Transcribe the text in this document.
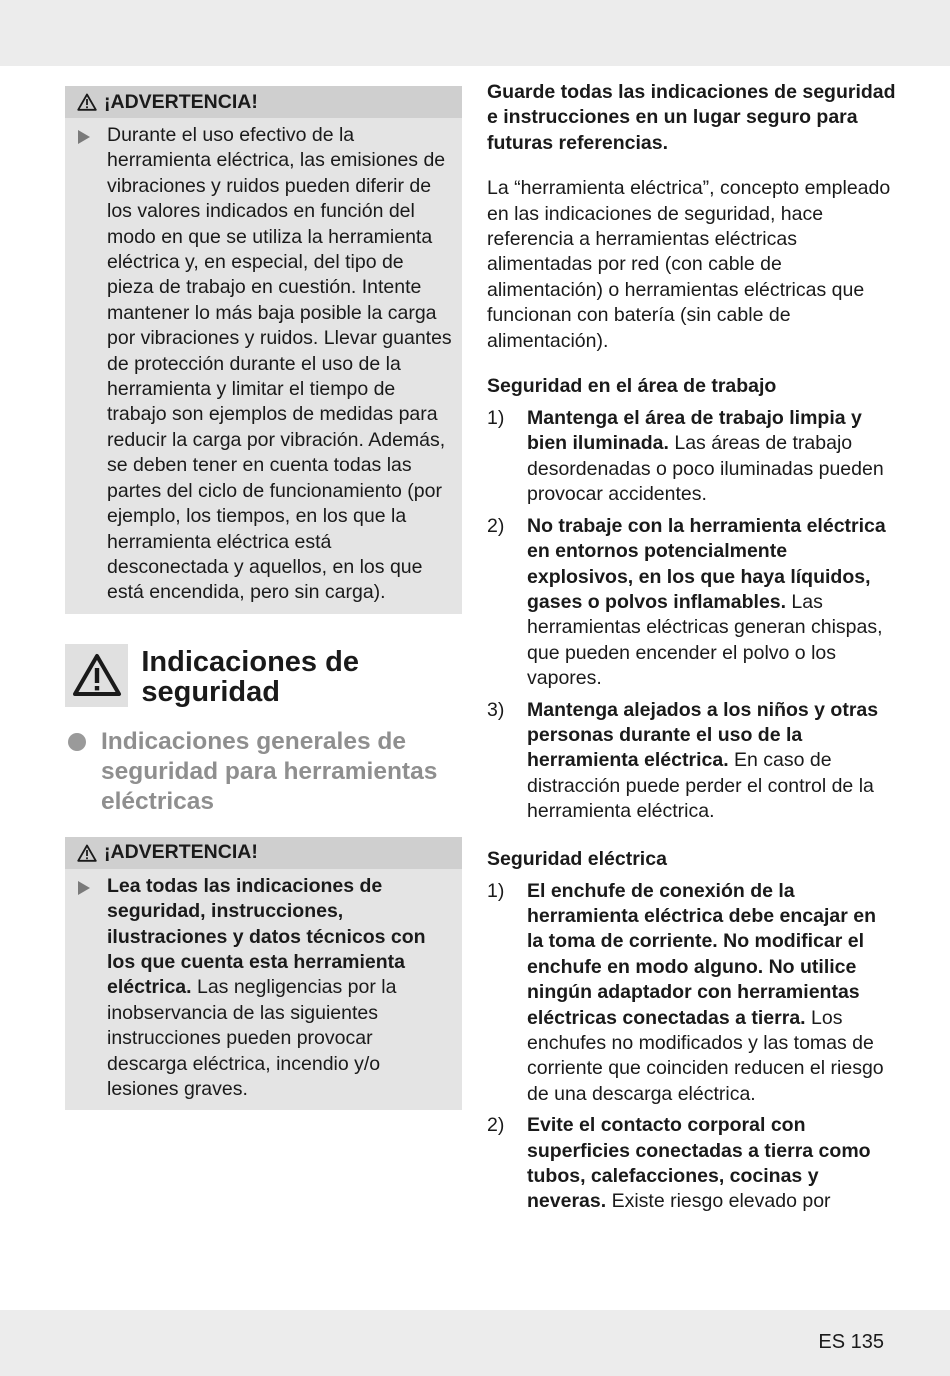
¡ADVERTENCIA!

Durante el uso efectivo de la herramienta eléctrica, las emisiones de vibraciones y ruidos pueden diferir de los valores indicados en función del modo en que se utiliza la herramienta eléctrica y, en especial, del tipo de pieza de trabajo en cuestión. Intente mantener lo más baja posible la carga por vibraciones y ruidos. Llevar guantes de protección durante el uso de la herramienta y limitar el tiempo de trabajo son ejemplos de medidas para reducir la carga por vibración. Además, se deben tener en cuenta todas las partes del ciclo de funcionamiento (por ejemplo, los tiempos, en los que la herramienta eléctrica está desconectada y aquellos, en los que está encendida, pero sin carga).

Indicaciones de seguridad
Indicaciones generales de seguridad para herramientas eléctricas
¡ADVERTENCIA!

Lea todas las indicaciones de seguridad, instrucciones, ilustraciones y datos técnicos con los que cuenta esta herramienta eléctrica. Las negligencias por la inobservancia de las siguientes instrucciones pueden provocar descarga eléctrica, incendio y/o lesiones graves.

Guarde todas las indicaciones de seguridad e instrucciones en un lugar seguro para futuras referencias.

La “herramienta eléctrica”, concepto empleado en las indicaciones de seguridad, hace referencia a herramientas eléctricas alimentadas por red (con cable de alimentación) o herramientas eléctricas que funcionan con batería (sin cable de alimentación).

Seguridad en el área de trabajo

1)	Mantenga el área de trabajo limpia y bien iluminada. Las áreas de trabajo desordenadas o poco iluminadas pueden provocar accidentes.

2)	No trabaje con la herramienta eléctrica en entornos potencialmente explosivos, en los que haya líquidos, gases o polvos inflamables. Las herramientas eléctricas generan chispas, que pueden encender el polvo o los vapores.

3)	Mantenga alejados a los niños y otras personas durante el uso de la herramienta eléctrica. En caso de distracción puede perder el control de la herramienta eléctrica.

Seguridad eléctrica

1)	El enchufe de conexión de la herramienta eléctrica debe encajar en la toma de corriente. No modificar el enchufe en modo alguno. No utilice ningún adaptador con herramientas eléctricas conectadas a tierra. Los enchufes no modificados y las tomas de corriente que coinciden reducen el riesgo de una descarga eléctrica.

2)	Evite el contacto corporal con superficies conectadas a tierra como tubos, calefacciones, cocinas y neveras. Existe riesgo elevado por

ES 135
